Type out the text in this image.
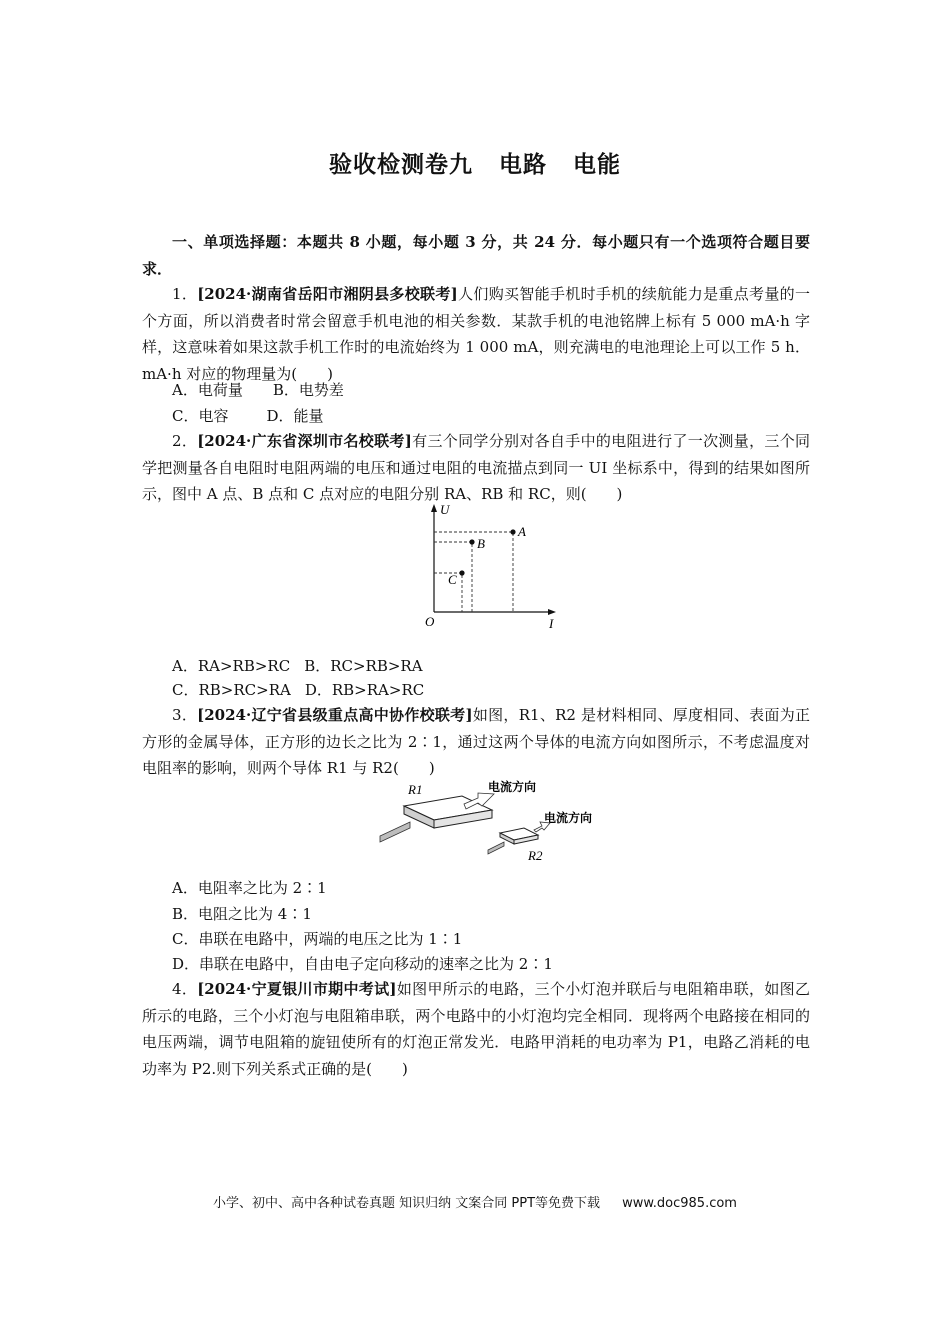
验收检测卷九 电路 电能
一、单项选择题：本题共 8 小题，每小题 3 分，共 24 分．每小题只有一个选项符合题目要求．
1．[2024·湖南省岳阳市湘阴县多校联考]人们购买智能手机时手机的续航能力是重点考量的一个方面，所以消费者时常会留意手机电池的相关参数．某款手机的电池铭牌上标有 5 000 mA·h 字样，这意味着如果这款手机工作时的电流始终为 1 000 mA，则充满电的电池理论上可以工作 5 h．mA·h 对应的物理量为(　　)
A．电荷量 B．电势差
C．电容	D．能量
2．[2024·广东省深圳市名校联考]有三个同学分别对各自手中的电阻进行了一次测量，三个同学把测量各自电阻时电阻两端的电压和通过电阻的电流描点到同一 UI 坐标系中，得到的结果如图所示，图中 A 点、B 点和 C 点对应的电阻分别 RA、RB 和 RC，则(　　)
U
I
O
A
B
C
A．RA>RB>RC B．RC>RB>RA
C．RB>RC>RA D．RB>RA>RC
3．[2024·辽宁省县级重点高中协作校联考]如图，R1、R2 是材料相同、厚度相同、表面为正方形的金属导体，正方形的边长之比为 2∶1，通过这两个导体的电流方向如图所示，不考虑温度对电阻率的影响，则两个导体 R1 与 R2(　　)
R1
R2
电流方向
电流方向
A．电阻率之比为 2∶1
B．电阻之比为 4∶1
C．串联在电路中，两端的电压之比为 1∶1
D．串联在电路中，自由电子定向移动的速率之比为 2∶1
4．[2024·宁夏银川市期中考试]如图甲所示的电路，三个小灯泡并联后与电阻箱串联，如图乙所示的电路，三个小灯泡与电阻箱串联，两个电路中的小灯泡均完全相同．现将两个电路接在相同的电压两端，调节电阻箱的旋钮使所有的灯泡正常发光．电路甲消耗的电功率为 P1，电路乙消耗的电功率为 P2.则下列关系式正确的是(　　)
小学、初中、高中各种试卷真题 知识归纳 文案合同 PPT等免费下载 www.doc985.com
